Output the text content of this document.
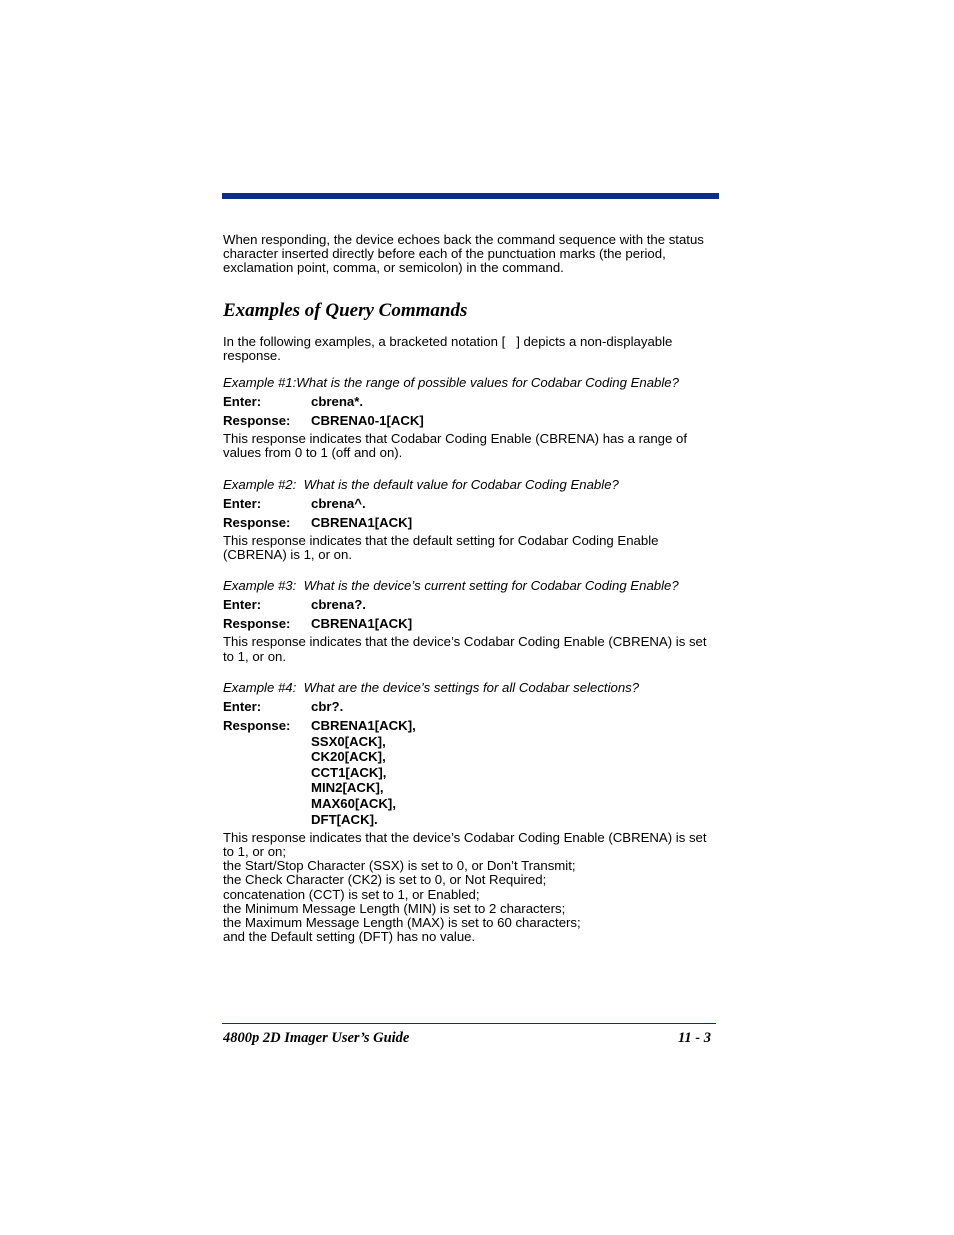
When responding, the device echoes back the command sequence with the status character inserted directly before each of the punctuation marks (the period, exclamation point, comma, or semicolon) in the command.

Examples of Query Commands

In the following examples, a bracketed notation [   ] depicts a non-displayable response.

Example #1:What is the range of possible values for Codabar Coding Enable?

Enter:	cbrena*.
Response:	CBRENA0-1[ACK]

This response indicates that Codabar Coding Enable (CBRENA) has a range of values from 0 to 1 (off and on).

Example #2:  What is the default value for Codabar Coding Enable?

Enter:	cbrena^.
Response:	CBRENA1[ACK]

This response indicates that the default setting for Codabar Coding Enable (CBRENA) is 1, or on.

Example #3:  What is the device’s current setting for Codabar Coding Enable?

Enter:	cbrena?.
Response:	CBRENA1[ACK]

This response indicates that the device’s Codabar Coding Enable (CBRENA) is set to 1, or on.

Example #4:  What are the device’s settings for all Codabar selections?

Enter:	cbr?.
Response:	CBRENA1[ACK],
SSX0[ACK],
CK20[ACK],
CCT1[ACK],
MIN2[ACK],
MAX60[ACK],
DFT[ACK].

This response indicates that the device’s Codabar Coding Enable (CBRENA) is set to 1, or on;

the Start/Stop Character (SSX) is set to 0, or Don’t Transmit;

the Check Character (CK2) is set to 0, or Not Required;

concatenation (CCT) is set to 1, or Enabled;

the Minimum Message Length (MIN) is set to 2 characters;

the Maximum Message Length (MAX) is set to 60 characters;

and the Default setting (DFT) has no value.

4800p 2D Imager User’s Guide	11 - 3
